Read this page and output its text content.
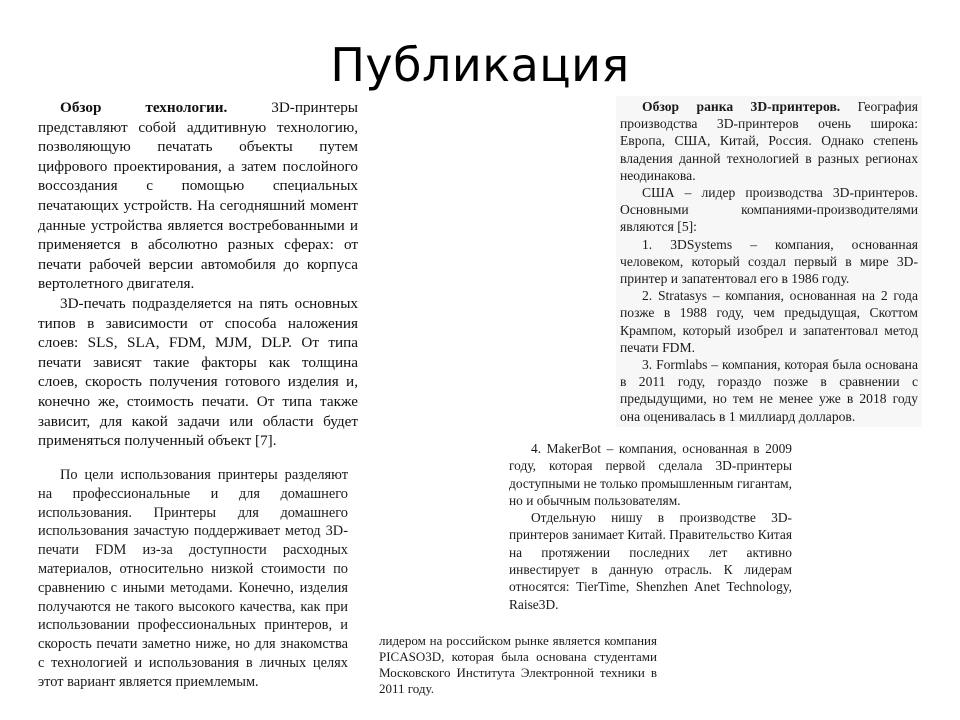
Публикация

Обзор технологии.	3D-принтеры представляют собой аддитивную технологию, позволяющую печатать объекты путем цифрового проектирования, а затем послойного воссоздания с помощью специальных печатающих устройств. На сегодняшний момент данные устройства является востребованными и применяется в абсолютно разных сферах: от печати рабочей версии автомобиля до корпуса вертолетного двигателя.

3D-печать подразделяется на пять основных типов в зависимости от способа наложения слоев: SLS, SLA, FDM, MJM, DLP. От типа печати зависят такие факторы как толщина слоев, скорость получения готового изделия и, конечно же, стоимость печати. От типа также зависит, для какой задачи или области будет применяться полученный объект [7].

По цели использования принтеры разделяют на профессиональные и для домашнего использования. Принтеры для домашнего использования зачастую поддерживает метод 3D-печати FDM из-за доступности расходных материалов, относительно низкой стоимости по сравнению с иными методами. Конечно, изделия получаются не такого высокого качества, как при использовании профессиональных принтеров, и скорость печати заметно ниже, но для знакомства с технологией и использования в личных целях этот вариант является приемлемым.

Обзор ранка 3D-принтеров. География производства 3D-принтеров очень широка: Европа, США, Китай, Россия. Однако степень владения данной технологией в разных регионах неодинакова.

США – лидер производства 3D-принтеров. Основными компаниями-производителями являются [5]:

1. 3DSystems – компания, основанная человеком, который создал первый в мире 3D-принтер и запатентовал его в 1986 году.

2. Stratasys – компания, основанная на 2 года позже в 1988 году, чем предыдущая, Скоттом Крампом, который изобрел и запатентовал метод печати FDM.

3. Formlabs – компания, которая была основана в 2011 году, гораздо позже в сравнении с предыдущими, но тем не менее уже в 2018 году она оценивалась в 1 миллиард долларов.

4. MakerBot – компания, основанная в 2009 году, которая первой сделала 3D-принтеры доступными не только промышленным гигантам, но и обычным пользователям.

Отдельную нишу в производстве 3D-принтеров занимает Китай. Правительство Китая на протяжении последних лет активно инвестирует в данную отрасль. К лидерам относятся: TierTime, Shenzhen Anet Technology, Raise3D.

лидером на российском рынке является компания PICASO3D, которая была основана студентами Московского Института Электронной техники в 2011 году.
